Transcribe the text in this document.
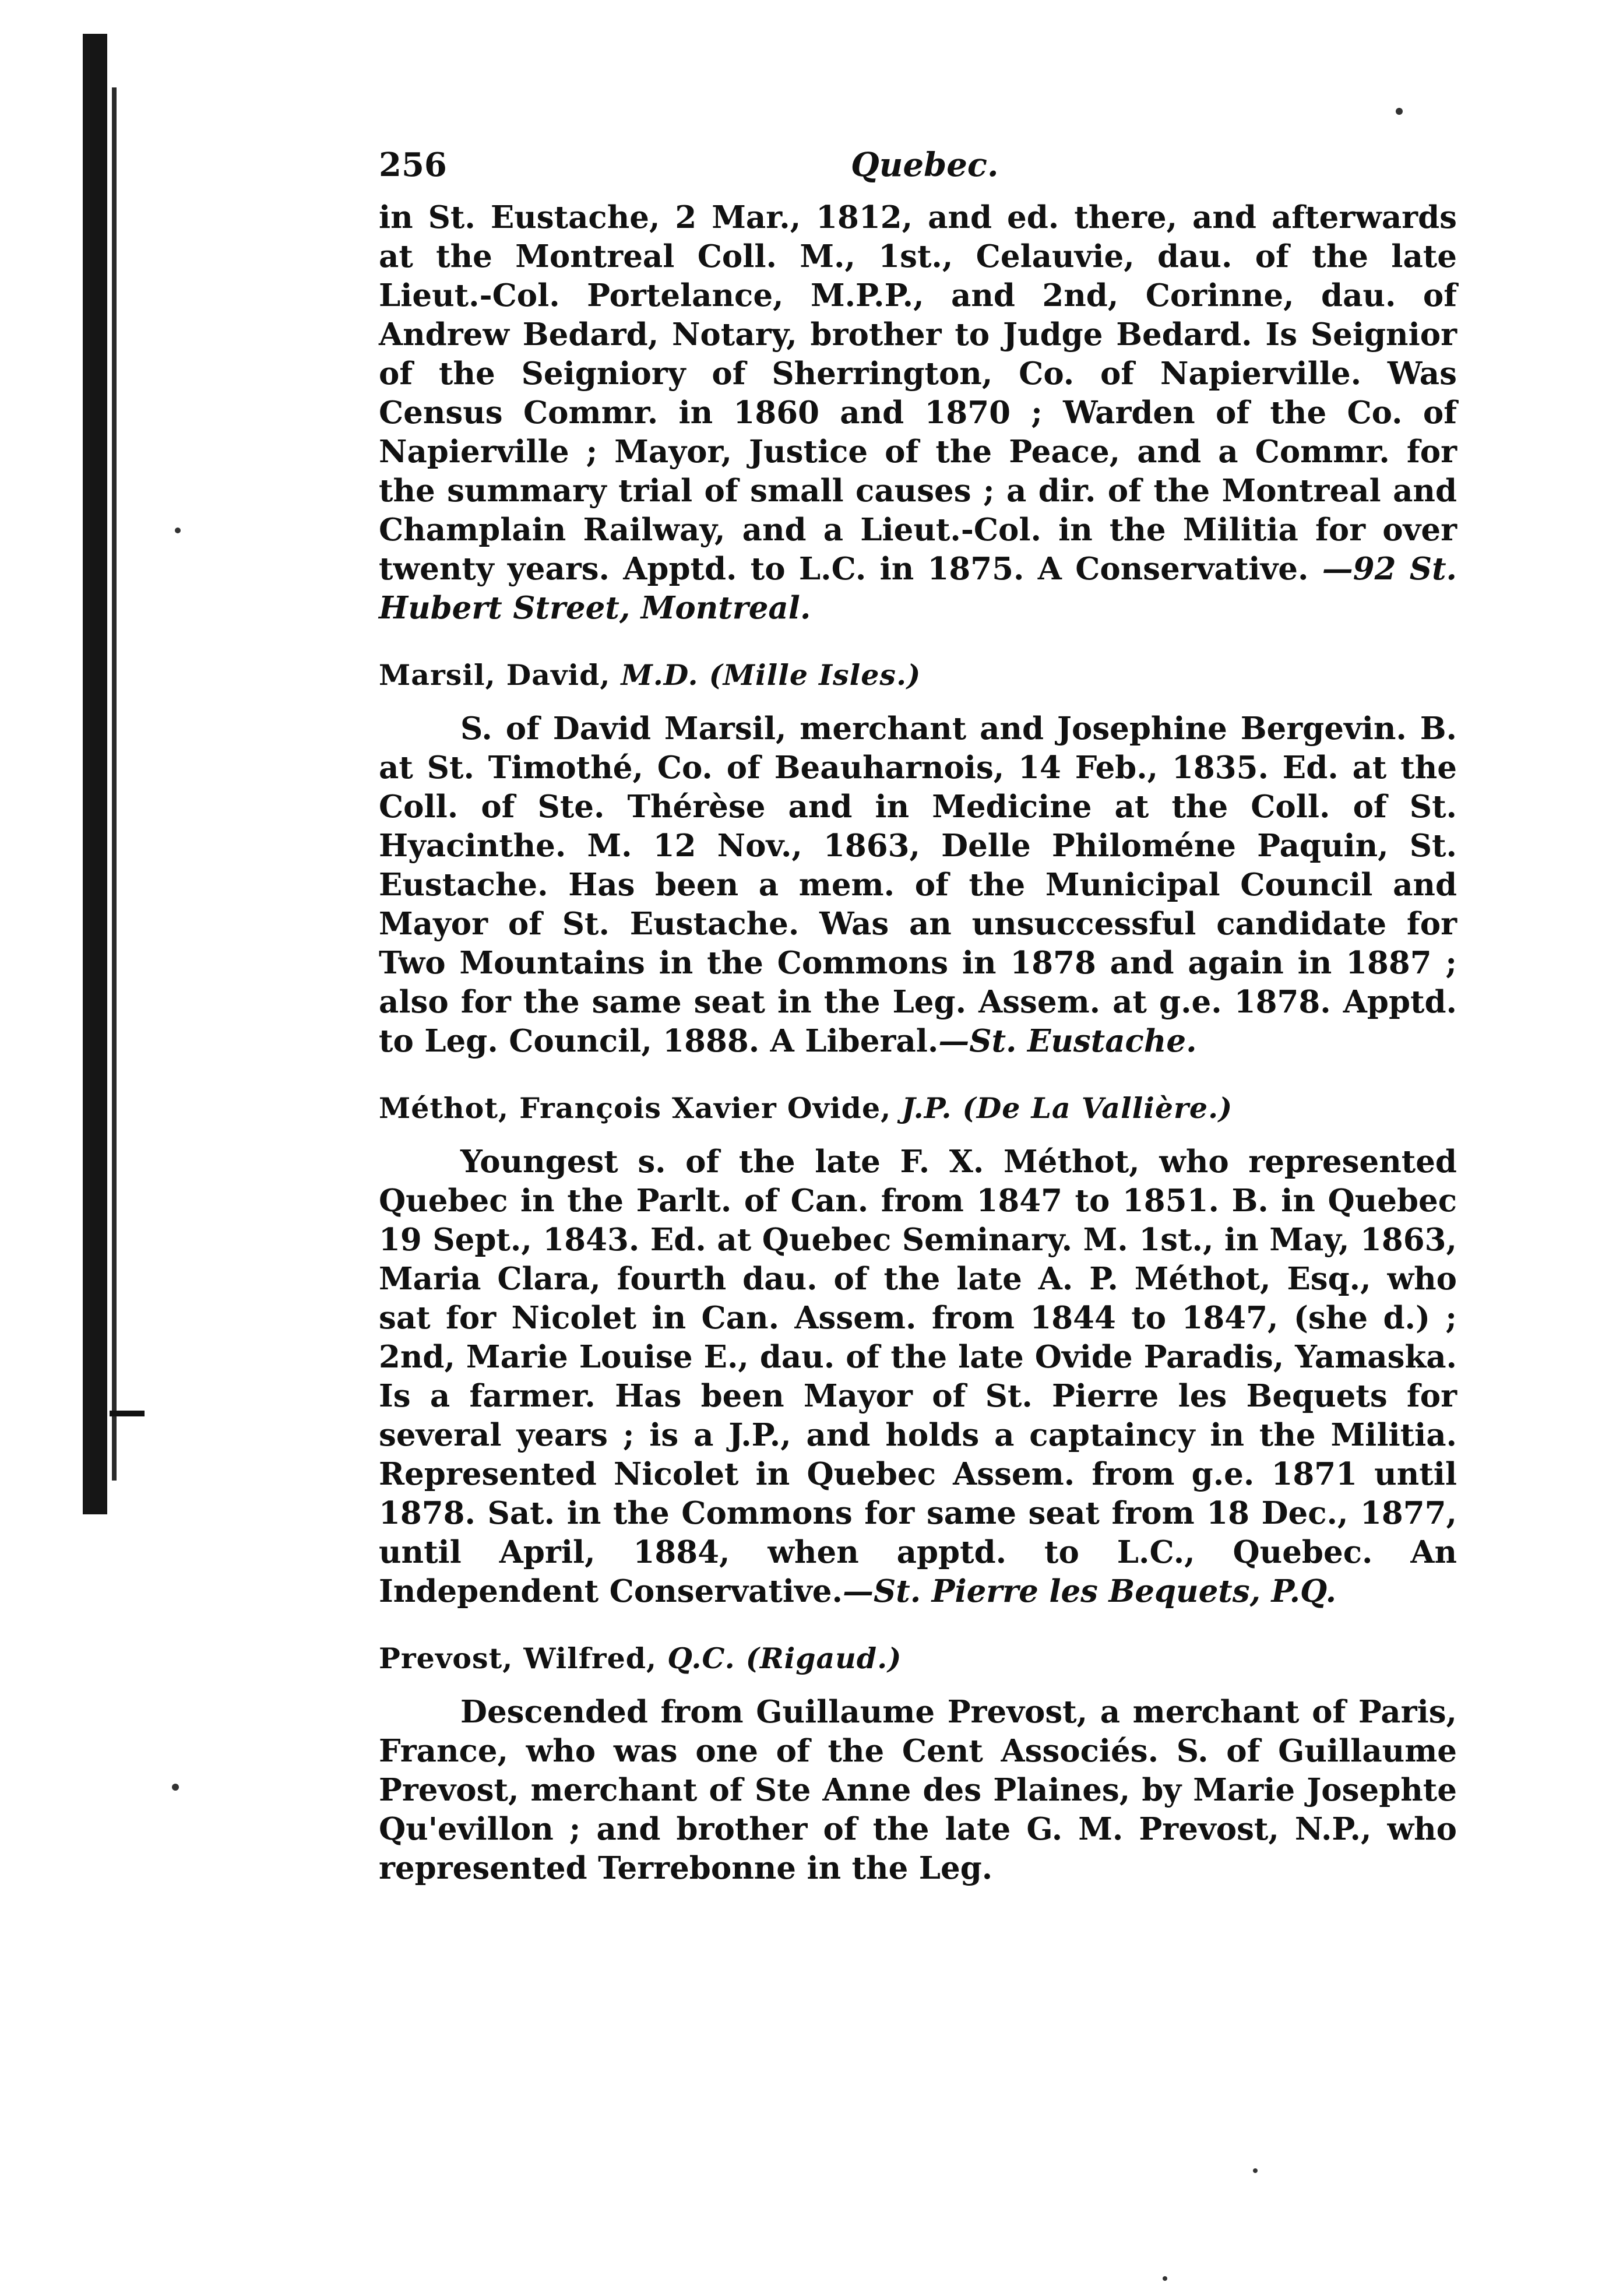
256	Quebec.

in St. Eustache, 2 Mar., 1812, and ed. there, and afterwards at the Montreal Coll. M., 1st., Celauvie, dau. of the late Lieut.-Col. Portelance, M.P.P., and 2nd, Corinne, dau. of Andrew Bedard, Notary, brother to Judge Bedard. Is Seignior of the Seigniory of Sherrington, Co. of Napierville. Was Census Commr. in 1860 and 1870 ; Warden of the Co. of Napierville ; Mayor, Justice of the Peace, and a Commr. for the summary trial of small causes ; a dir. of the Montreal and Champlain Railway, and a Lieut.-Col. in the Militia for over twenty years. Apptd. to L.C. in 1875. A Conservative. —92 St. Hubert Street, Montreal.

Marsil, David, M.D. (Mille Isles.)

S. of David Marsil, merchant and Josephine Bergevin. B. at St. Timothé, Co. of Beauharnois, 14 Feb., 1835. Ed. at the Coll. of Ste. Thérèse and in Medicine at the Coll. of St. Hyacinthe. M. 12 Nov., 1863, Delle Philoméne Paquin, St. Eustache. Has been a mem. of the Municipal Council and Mayor of St. Eustache. Was an unsuccessful candidate for Two Mountains in the Commons in 1878 and again in 1887 ; also for the same seat in the Leg. Assem. at g.e. 1878. Apptd. to Leg. Council, 1888. A Liberal.—St. Eustache.

Méthot, François Xavier Ovide, J.P. (De La Vallière.)

Youngest s. of the late F. X. Méthot, who represented Quebec in the Parlt. of Can. from 1847 to 1851. B. in Quebec 19 Sept., 1843. Ed. at Quebec Seminary. M. 1st., in May, 1863, Maria Clara, fourth dau. of the late A. P. Méthot, Esq., who sat for Nicolet in Can. Assem. from 1844 to 1847, (she d.) ; 2nd, Marie Louise E., dau. of the late Ovide Paradis, Yamaska. Is a farmer. Has been Mayor of St. Pierre les Bequets for several years ; is a J.P., and holds a captaincy in the Militia. Represented Nicolet in Quebec Assem. from g.e. 1871 until 1878. Sat. in the Commons for same seat from 18 Dec., 1877, until April, 1884, when apptd. to L.C., Quebec. An Independent Conservative.—St. Pierre les Bequets, P.Q.

Prevost, Wilfred, Q.C. (Rigaud.)

Descended from Guillaume Prevost, a merchant of Paris, France, who was one of the Cent Associés. S. of Guillaume Prevost, merchant of Ste Anne des Plaines, by Marie Josephte Qu'evillon ; and brother of the late G. M. Prevost, N.P., who represented Terrebonne in the Leg.
